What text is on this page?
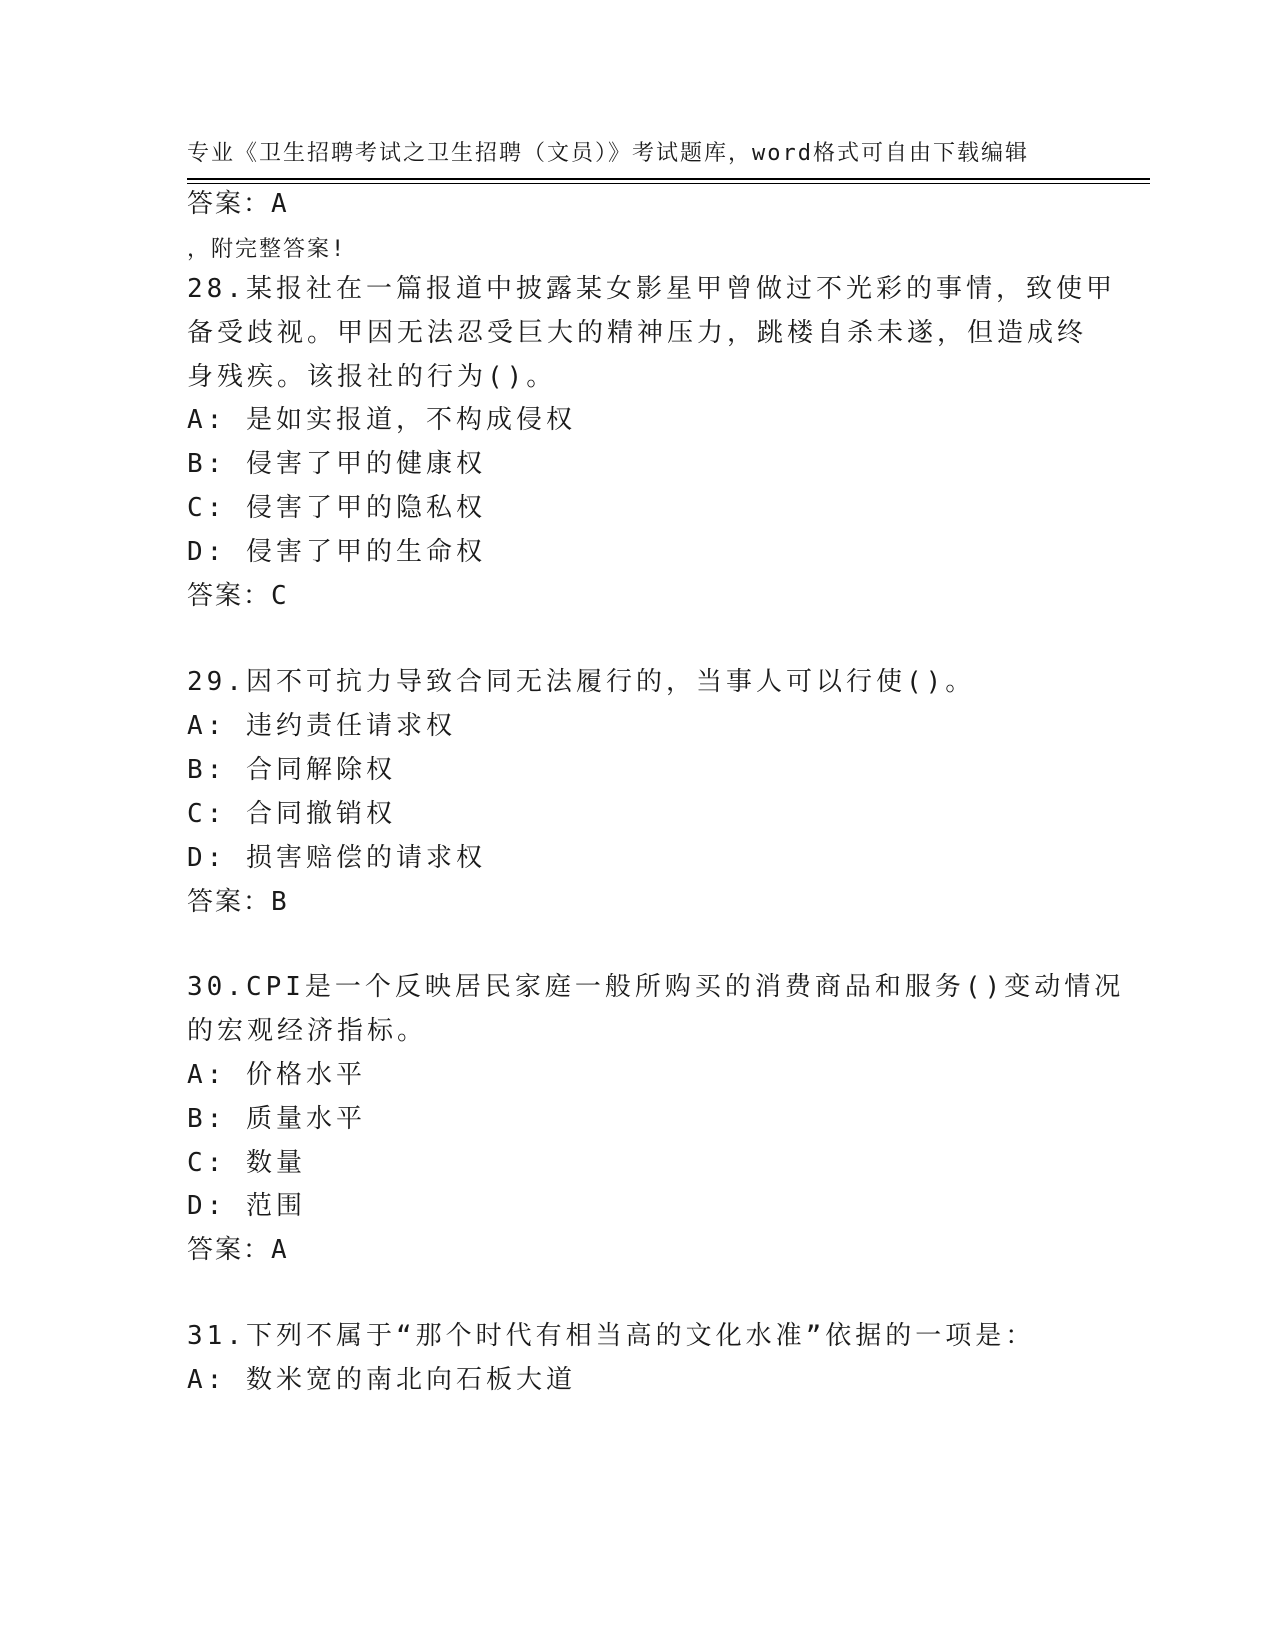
专业《卫生招聘考试之卫生招聘（文员）》考试题库，word格式可自由下载编辑

，附完整答案!

答案：A
28.某报社在一篇报道中披露某女影星甲曾做过不光彩的事情，致使甲
备受歧视。甲因无法忍受巨大的精神压力，跳楼自杀未遂，但造成终
身残疾。该报社的行为()。
A: 是如实报道，不构成侵权
B: 侵害了甲的健康权
C: 侵害了甲的隐私权
D: 侵害了甲的生命权
答案：C
29.因不可抗力导致合同无法履行的，当事人可以行使()。
A: 违约责任请求权
B: 合同解除权
C: 合同撤销权
D: 损害赔偿的请求权
答案：B
30.CPI是一个反映居民家庭一般所购买的消费商品和服务()变动情况
的宏观经济指标。
A: 价格水平
B: 质量水平
C: 数量
D: 范围
答案：A
31.下列不属于“那个时代有相当高的文化水准”依据的一项是：
A: 数米宽的南北向石板大道
